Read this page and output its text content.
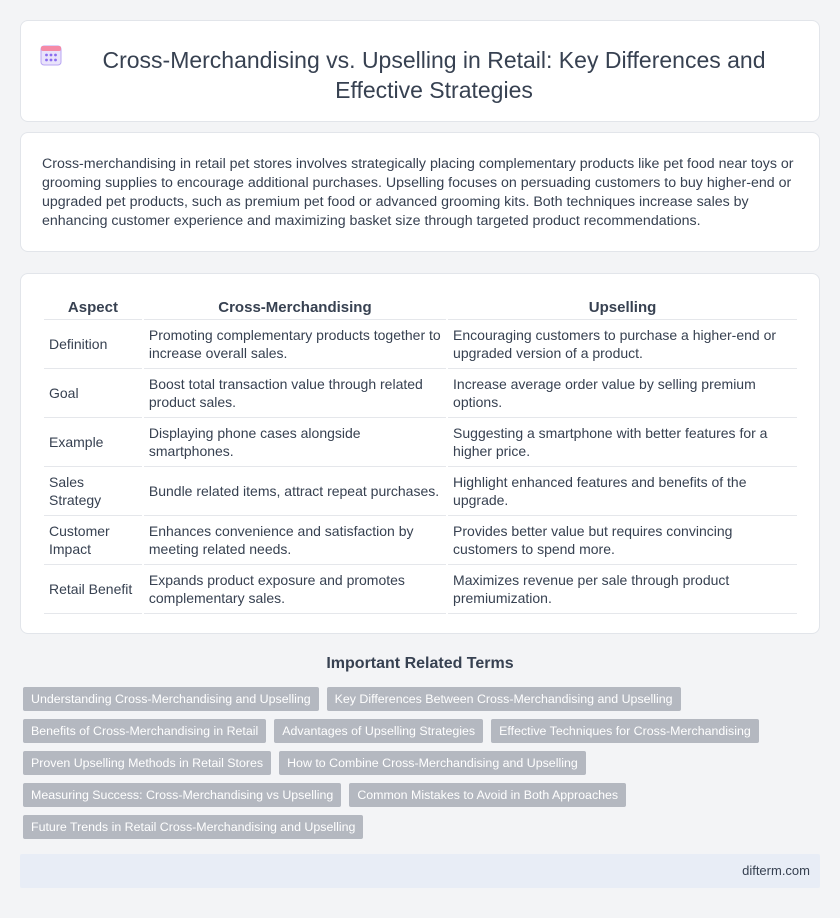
Cross-Merchandising vs. Upselling in Retail: Key Differences and Effective Strategies

Cross-merchandising in retail pet stores involves strategically placing complementary products like pet food near toys or grooming supplies to encourage additional purchases. Upselling focuses on persuading customers to buy higher-end or upgraded pet products, such as premium pet food or advanced grooming kits. Both techniques increase sales by enhancing customer experience and maximizing basket size through targeted product recommendations.

Aspect	Cross-Merchandising	Upselling
Definition	Promoting complementary products together to increase overall sales.	Encouraging customers to purchase a higher-end or upgraded version of a product.
Goal	Boost total transaction value through related product sales.	Increase average order value by selling premium options.
Example	Displaying phone cases alongside smartphones.	Suggesting a smartphone with better features for a higher price.
Sales Strategy	Bundle related items, attract repeat purchases.	Highlight enhanced features and benefits of the upgrade.
Customer Impact	Enhances convenience and satisfaction by meeting related needs.	Provides better value but requires convincing customers to spend more.
Retail Benefit	Expands product exposure and promotes complementary sales.	Maximizes revenue per sale through product premiumization.
Important Related Terms
Understanding Cross-Merchandising and Upselling	Key Differences Between Cross-Merchandising and Upselling
Benefits of Cross-Merchandising in Retail	Advantages of Upselling Strategies	Effective Techniques for Cross-Merchandising
Proven Upselling Methods in Retail Stores	How to Combine Cross-Merchandising and Upselling
Measuring Success: Cross-Merchandising vs Upselling	Common Mistakes to Avoid in Both Approaches
Future Trends in Retail Cross-Merchandising and Upselling
difterm.com
